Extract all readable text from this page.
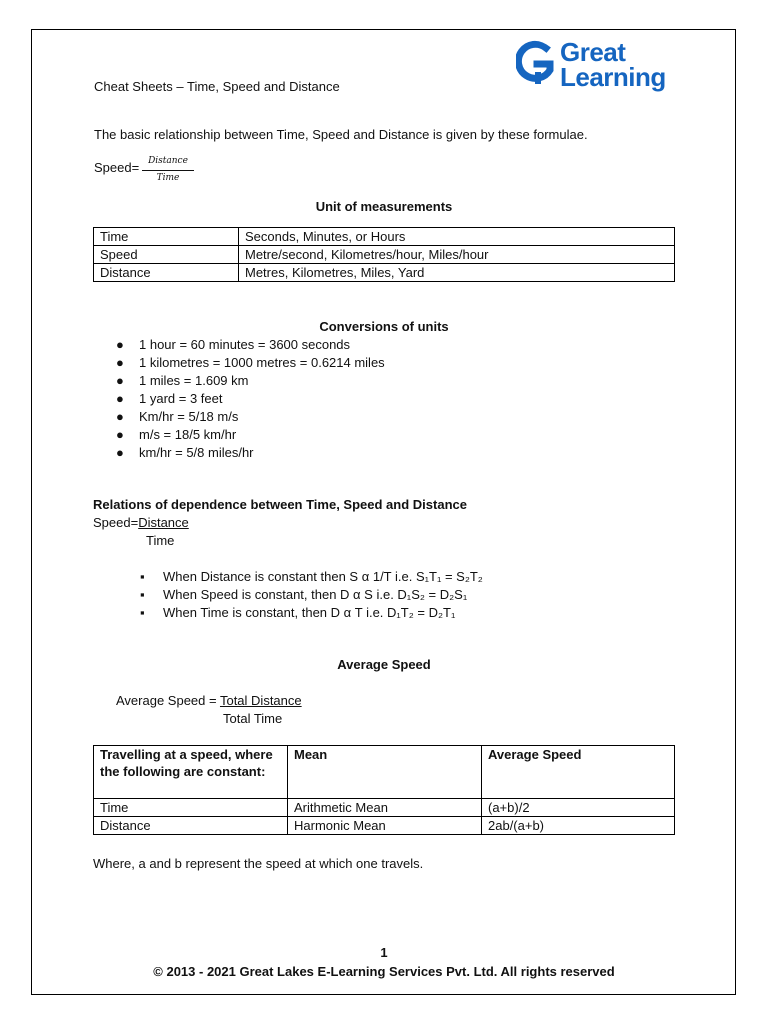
Great
Learning
Cheat Sheets – Time, Speed and Distance
The basic relationship between Time, Speed and Distance is given by these formulae.
Speed= Distance
Time
Unit of measurements
Time	Seconds, Minutes, or Hours
Speed	Metre/second, Kilometres/hour, Miles/hour
Distance	Metres, Kilometres, Miles, Yard
Conversions of units
● 1 hour = 60 minutes = 3600 seconds
● 1 kilometres = 1000 metres = 0.6214 miles
● 1 miles = 1.609 km
● 1 yard = 3 feet
● Km/hr = 5/18 m/s
● m/s = 18/5 km/hr
● km/hr = 5/8 miles/hr
Relations of dependence between Time, Speed and Distance
Speed=Distance
Time
▪ When Distance is constant then S α 1/T i.e. S₁T₁ = S₂T₂
▪ When Speed is constant, then D α S i.e. D₁S₂ = D₂S₁
▪ When Time is constant, then D α T i.e. D₁T₂ = D₂T₁
Average Speed
Average Speed = Total Distance
Total Time
Travelling at a speed, where the following are constant:	Mean	Average Speed
Time	Arithmetic Mean	(a+b)/2
Distance	Harmonic Mean	2ab/(a+b)
Where, a and b represent the speed at which one travels.
1
© 2013 - 2021 Great Lakes E-Learning Services Pvt. Ltd. All rights reserved
